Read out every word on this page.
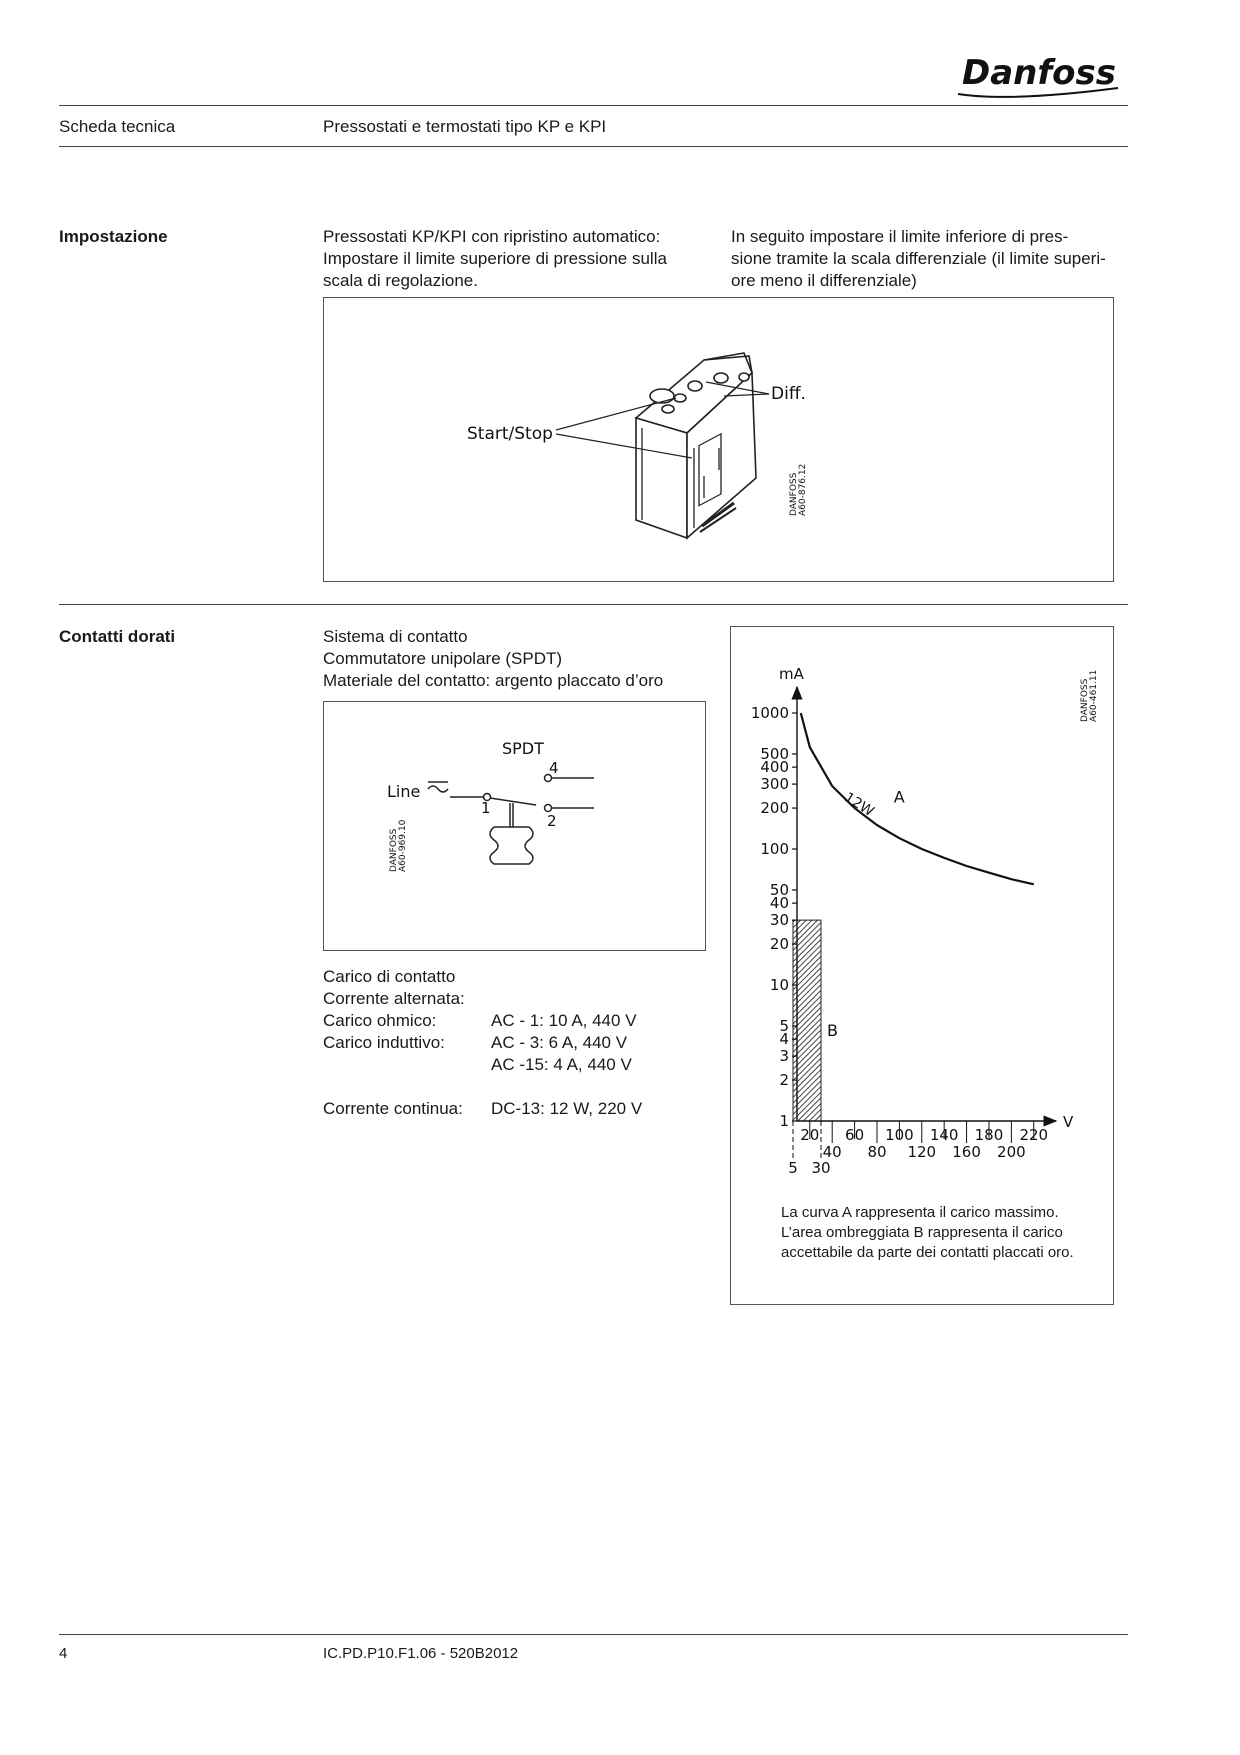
Danfoss
Scheda tecnica	Pressostati e termostati tipo KP e KPI
Impostazione	Pressostati KP/KPI con ripristino automatico:
Impostare il limite superiore di pressione sulla
scala di regolazione.
In seguito impostare il limite inferiore di pres-
sione tramite la scala differenziale (il limite superi-
ore meno il differenziale)
Start/Stop
Diff.
DANFOSS A60-876.12
Contatti dorati	Sistema di contatto
Commutatore unipolare (SPDT)
Materiale del contatto: argento placcato d’oro
SPDT
Line
1
2
4
DANFOSS A60-969.10
Carico di contatto
Corrente alternata:
Carico ohmico:	AC - 1: 10 A, 440 V
Carico induttivo:	AC - 3: 6 A, 440 V
AC -15: 4 A, 440 V
Corrente continua:	DC-13: 12 W, 220 V
mA
V
1000
500
400
300
200
100
50
40
30
20
10
5
4
3
2
1
20 60 100 140 180 220
5 30
40 80 120 160 200
A
12W
B
DANFOSS A60-461.11
La curva A rappresenta il carico massimo.
L’area ombreggiata B rappresenta il carico
accettabile da parte dei contatti placcati oro.
4	IC.PD.P10.F1.06 - 520B2012
